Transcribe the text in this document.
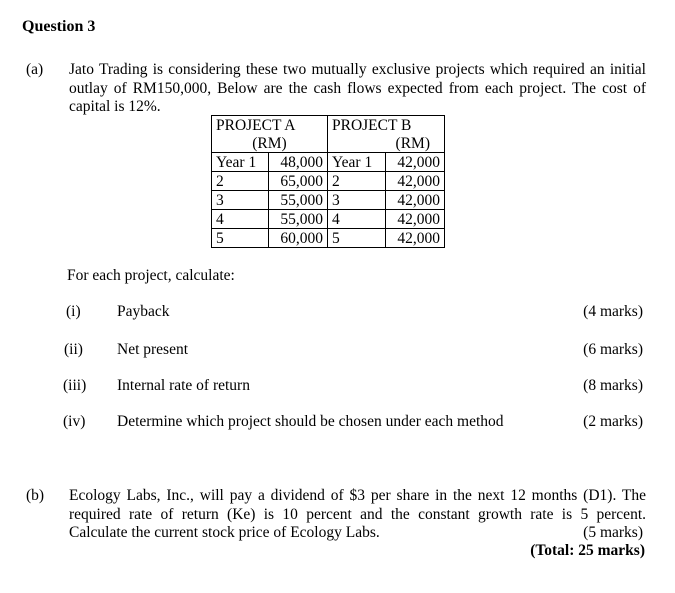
Question 3
(a) Jato Trading is considering these two mutually exclusive projects which required an initial
outlay of RM150,000, Below are the cash flows expected from each project. The cost of
capital is 12%.
PROJECT A		PROJECT B	
(RM)		(RM)	
Year 1	48,000	Year 1	42,000
2	65,000	2	42,000
3	55,000	3	42,000
4	55,000	4	42,000
5	60,000	5	42,000
For each project, calculate:
(i) Payback	(4 marks)
(ii) Net present	(6 marks)
(iii) Internal rate of return	(8 marks)
(iv) Determine which project should be chosen under each method	(2 marks)
(b) Ecology Labs, Inc., will pay a dividend of $3 per share in the next 12 months (D1). The
required rate of return (Ke) is 10 percent and the constant growth rate is 5 percent.
Calculate the current stock price of Ecology Labs.	(5 marks)
(Total: 25 marks)
